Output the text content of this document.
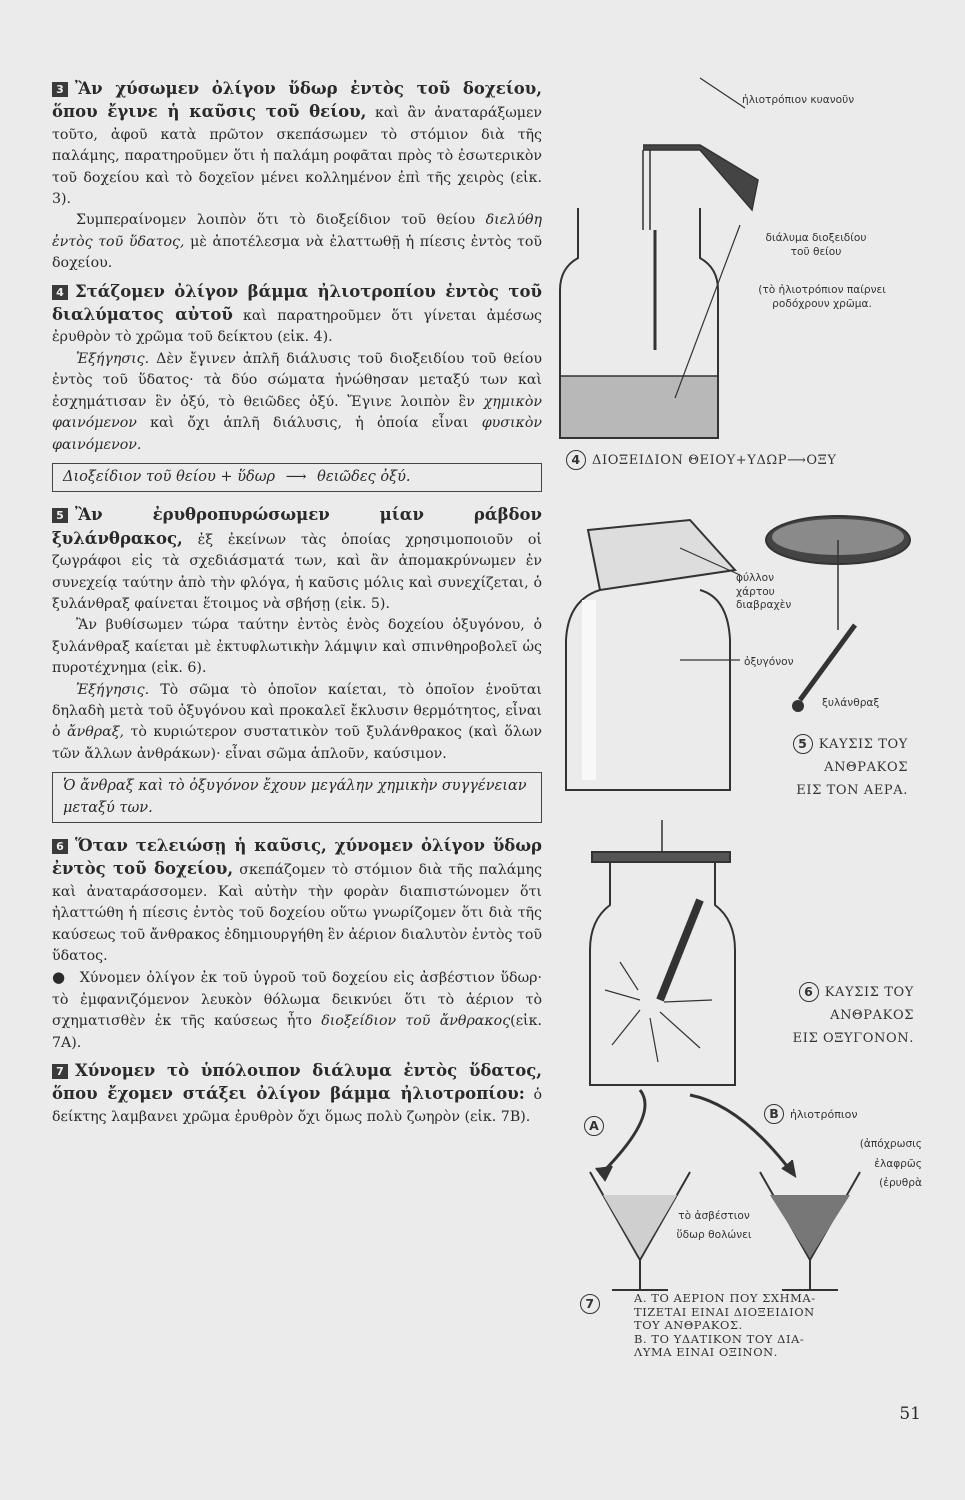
3 Ἂν χύσωμεν ὀλίγον ὕδωρ ἐντὸς τοῦ δοχείου, ὅπου ἔγινε ἡ καῦσις τοῦ θείου, καὶ ἂν ἀναταράξωμεν τοῦτο, ἀφοῦ κατὰ πρῶτον σκεπάσωμεν τὸ στόμιον διὰ τῆς παλάμης, παρατηροῦμεν ὅτι ἡ παλάμη ροφᾶται πρὸς τὸ ἐσωτερικὸν τοῦ δοχείου καὶ τὸ δοχεῖον μένει κολλημένον ἐπὶ τῆς χειρὸς (εἰκ. 3).

Συμπεραίνομεν λοιπὸν ὅτι τὸ διοξείδιον τοῦ θείου διελύθη ἐντὸς τοῦ ὕδατος, μὲ ἀποτέλεσμα νὰ ἐλαττωθῇ ἡ πίεσις ἐντὸς τοῦ δοχείου.

4 Στάζομεν ὀλίγον βάμμα ἠλιοτροπίου ἐντὸς τοῦ διαλύματος αὐτοῦ καὶ παρατηροῦμεν ὅτι γίνεται ἀμέσως ἐρυθρὸν τὸ χρῶμα τοῦ δείκτου (εἰκ. 4).

Ἐξήγησις. Δὲν ἔγινεν ἁπλῆ διάλυσις τοῦ διοξειδίου τοῦ θείου ἐντὸς τοῦ ὕδατος· τὰ δύο σώματα ἡνώθησαν μεταξύ των καὶ ἐσχημάτισαν ἓν ὀξύ, τὸ θειῶδες ὀξύ. Ἔγινε λοιπὸν ἓν χημικὸν φαινόμενον καὶ ὄχι ἁπλῆ διάλυσις, ἡ ὁποία εἶναι φυσικὸν φαινόμενον.

Διοξείδιον τοῦ θείου + ὕδωρ ⟶ θειῶδες ὀξύ.

5 Ἂν ἐρυθροπυρώσωμεν μίαν ράβδον ξυλάνθρακος, ἐξ ἐκείνων τὰς ὁποίας χρησιμοποιοῦν οἱ ζωγράφοι εἰς τὰ σχεδιάσματά των, καὶ ἂν ἀπομακρύνωμεν ἐν συνεχείᾳ ταύτην ἀπὸ τὴν φλόγα, ἡ καῦσις μόλις καὶ συνεχίζεται, ὁ ξυλάνθραξ φαίνεται ἕτοιμος νὰ σβήσῃ (εἰκ. 5).

Ἂν βυθίσωμεν τώρα ταύτην ἐντὸς ἑνὸς δοχείου ὀξυγόνου, ὁ ξυλάνθραξ καίεται μὲ ἐκτυφλωτικὴν λάμψιν καὶ σπινθηροβολεῖ ὡς πυροτέχνημα (εἰκ. 6).

Ἐξήγησις. Τὸ σῶμα τὸ ὁποῖον καίεται, τὸ ὁποῖον ἑνοῦται δηλαδὴ μετὰ τοῦ ὀξυγόνου καὶ προκαλεῖ ἔκλυσιν θερμότητος, εἶναι ὁ ἄνθραξ, τὸ κυριώτερον συστατικὸν τοῦ ξυλάνθρακος (καὶ ὅλων τῶν ἄλλων ἀνθράκων)· εἶναι σῶμα ἁπλοῦν, καύσιμον.

Ὁ ἄνθραξ καὶ τὸ ὀξυγόνον ἔχουν μεγάλην χημικὴν συγγένειαν μεταξύ των.

6 Ὅταν τελειώσῃ ἡ καῦσις, χύνομεν ὀλίγον ὕδωρ ἐντὸς τοῦ δοχείου, σκεπάζομεν τὸ στόμιον διὰ τῆς παλάμης καὶ ἀναταράσσομεν. Καὶ αὐτὴν τὴν φορὰν διαπιστώνομεν ὅτι ἠλαττώθη ἡ πίεσις ἐντὸς τοῦ δοχείου οὕτω γνωρίζομεν ὅτι διὰ τῆς καύσεως τοῦ ἄνθρακος ἐδημιουργήθη ἓν ἀέριον διαλυτὸν ἐντὸς τοῦ ὕδατος.

● Χύνομεν ὀλίγον ἐκ τοῦ ὑγροῦ τοῦ δοχείου εἰς ἀσβέστιον ὕδωρ· τὸ ἐμφανιζόμενον λευκὸν θόλωμα δεικνύει ὅτι τὸ ἀέριον τὸ σχηματισθὲν ἐκ τῆς καύσεως ἦτο διοξείδιον τοῦ ἄνθρακος(εἰκ. 7Α).

7 Χύνομεν τὸ ὑπόλοιπον διάλυμα ἐντὸς ὕδατος, ὅπου ἔχομεν στάξει ὀλίγον βάμμα ἠλιοτροπίου: ὁ δείκτης λαμβανει χρῶμα ἐρυθρὸν ὄχι ὅμως πολὺ ζωηρὸν (εἰκ. 7Β).

ἠλιοτρόπιον κυανοῦν
διάλυμα διοξειδίου
τοῦ θείου
(τὸ ἠλιοτρόπιον παίρνει
ροδόχρουν χρῶμα.
4 ΔΙΟΞΕΙΔΙΟΝ ΘΕΙΟΥ+ΥΔΩΡ⟶ΟΞΥ
φύλλον
χάρτου
διαβραχὲν
ὀξυγόνον
ξυλάνθραξ
5 ΚΑΥΣΙΣ ΤΟΥ
ΑΝΘΡΑΚΟΣ
ΕΙΣ ΤΟΝ ΑΕΡΑ.
6 ΚΑΥΣΙΣ ΤΟΥ
ΑΝΘΡΑΚΟΣ
ΕΙΣ ΟΞΥΓΟΝΟΝ.
A
B ἠλιοτρόπιον
(ἀπόχρωσις
ἐλαφρῶς
(ἐρυθρὰ
τὸ ἀσβέστιον
ὕδωρ θολώνει
7	Α. ΤΟ ΑΕΡΙΟΝ ΠΟΥ ΣΧΗΜΑ-
ΤΙΖΕΤΑΙ ΕΙΝΑΙ ΔΙΟΞΕΙΔΙΟΝ
ΤΟΥ ΑΝΘΡΑΚΟΣ.
Β. ΤΟ ΥΔΑΤΙΚΟΝ ΤΟΥ ΔΙΑ-
ΛΥΜΑ ΕΙΝΑΙ ΟΞΙΝΟΝ.
51
